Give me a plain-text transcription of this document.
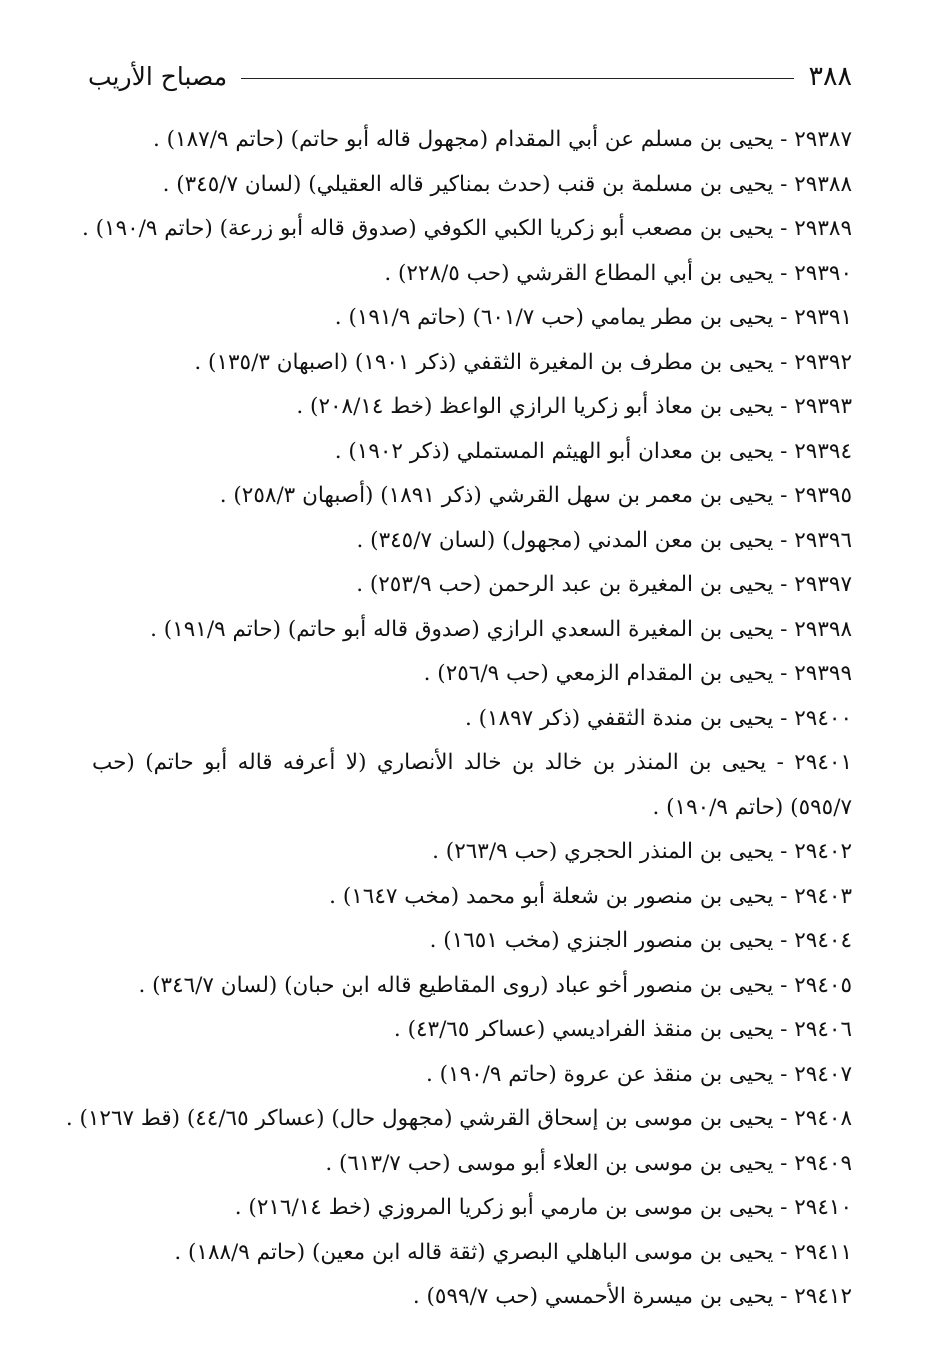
٣٨٨
مصباح الأريب
٢٩٣٨٧ - يحيى بن مسلم عن أبي المقدام (مجهول قاله أبو حاتم) (حاتم ١٨٧/٩) .
٢٩٣٨٨ - يحيى بن مسلمة بن قنب (حدث بمناكير قاله العقيلي) (لسان ٣٤٥/٧) .
٢٩٣٨٩ - يحيى بن مصعب أبو زكريا الكبي الكوفي (صدوق قاله أبو زرعة) (حاتم ١٩٠/٩) .
٢٩٣٩٠ - يحيى بن أبي المطاع القرشي (حب ٢٢٨/٥) .
٢٩٣٩١ - يحيى بن مطر يمامي (حب ٦٠١/٧) (حاتم ١٩١/٩) .
٢٩٣٩٢ - يحيى بن مطرف بن المغيرة الثقفي (ذكر ١٩٠١) (اصبهان ١٣٥/٣) .
٢٩٣٩٣ - يحيى بن معاذ أبو زكريا الرازي الواعظ (خط ٢٠٨/١٤) .
٢٩٣٩٤ - يحيى بن معدان أبو الهيثم المستملي (ذكر ١٩٠٢) .
٢٩٣٩٥ - يحيى بن معمر بن سهل القرشي (ذكر ١٨٩١) (أصبهان ٢٥٨/٣) .
٢٩٣٩٦ - يحيى بن معن المدني (مجهول) (لسان ٣٤٥/٧) .
٢٩٣٩٧ - يحيى بن المغيرة بن عبد الرحمن (حب ٢٥٣/٩) .
٢٩٣٩٨ - يحيى بن المغيرة السعدي الرازي (صدوق قاله أبو حاتم) (حاتم ١٩١/٩) .
٢٩٣٩٩ - يحيى بن المقدام الزمعي (حب ٢٥٦/٩) .
٢٩٤٠٠ - يحيى بن مندة الثقفي (ذكر ١٨٩٧) .
٢٩٤٠١ - يحيى بن المنذر بن خالد بن خالد الأنصاري (لا أعرفه قاله أبو حاتم) (حب ٥٩٥/٧) (حاتم ١٩٠/٩) .
٢٩٤٠٢ - يحيى بن المنذر الحجري (حب ٢٦٣/٩) .
٢٩٤٠٣ - يحيى بن منصور بن شعلة أبو محمد (مخب ١٦٤٧) .
٢٩٤٠٤ - يحيى بن منصور الجنزي (مخب ١٦٥١) .
٢٩٤٠٥ - يحيى بن منصور أخو عباد (روى المقاطيع قاله ابن حبان) (لسان ٣٤٦/٧) .
٢٩٤٠٦ - يحيى بن منقذ الفراديسي (عساكر ٤٣/٦٥) .
٢٩٤٠٧ - يحيى بن منقذ عن عروة (حاتم ١٩٠/٩) .
٢٩٤٠٨ - يحيى بن موسى بن إسحاق القرشي (مجهول حال) (عساكر ٤٤/٦٥) (قط ١٢٦٧) .
٢٩٤٠٩ - يحيى بن موسى بن العلاء أبو موسى (حب ٦١٣/٧) .
٢٩٤١٠ - يحيى بن موسى بن مارمي أبو زكريا المروزي (خط ٢١٦/١٤) .
٢٩٤١١ - يحيى بن موسى الباهلي البصري (ثقة قاله ابن معين) (حاتم ١٨٨/٩) .
٢٩٤١٢ - يحيى بن ميسرة الأحمسي (حب ٥٩٩/٧) .
